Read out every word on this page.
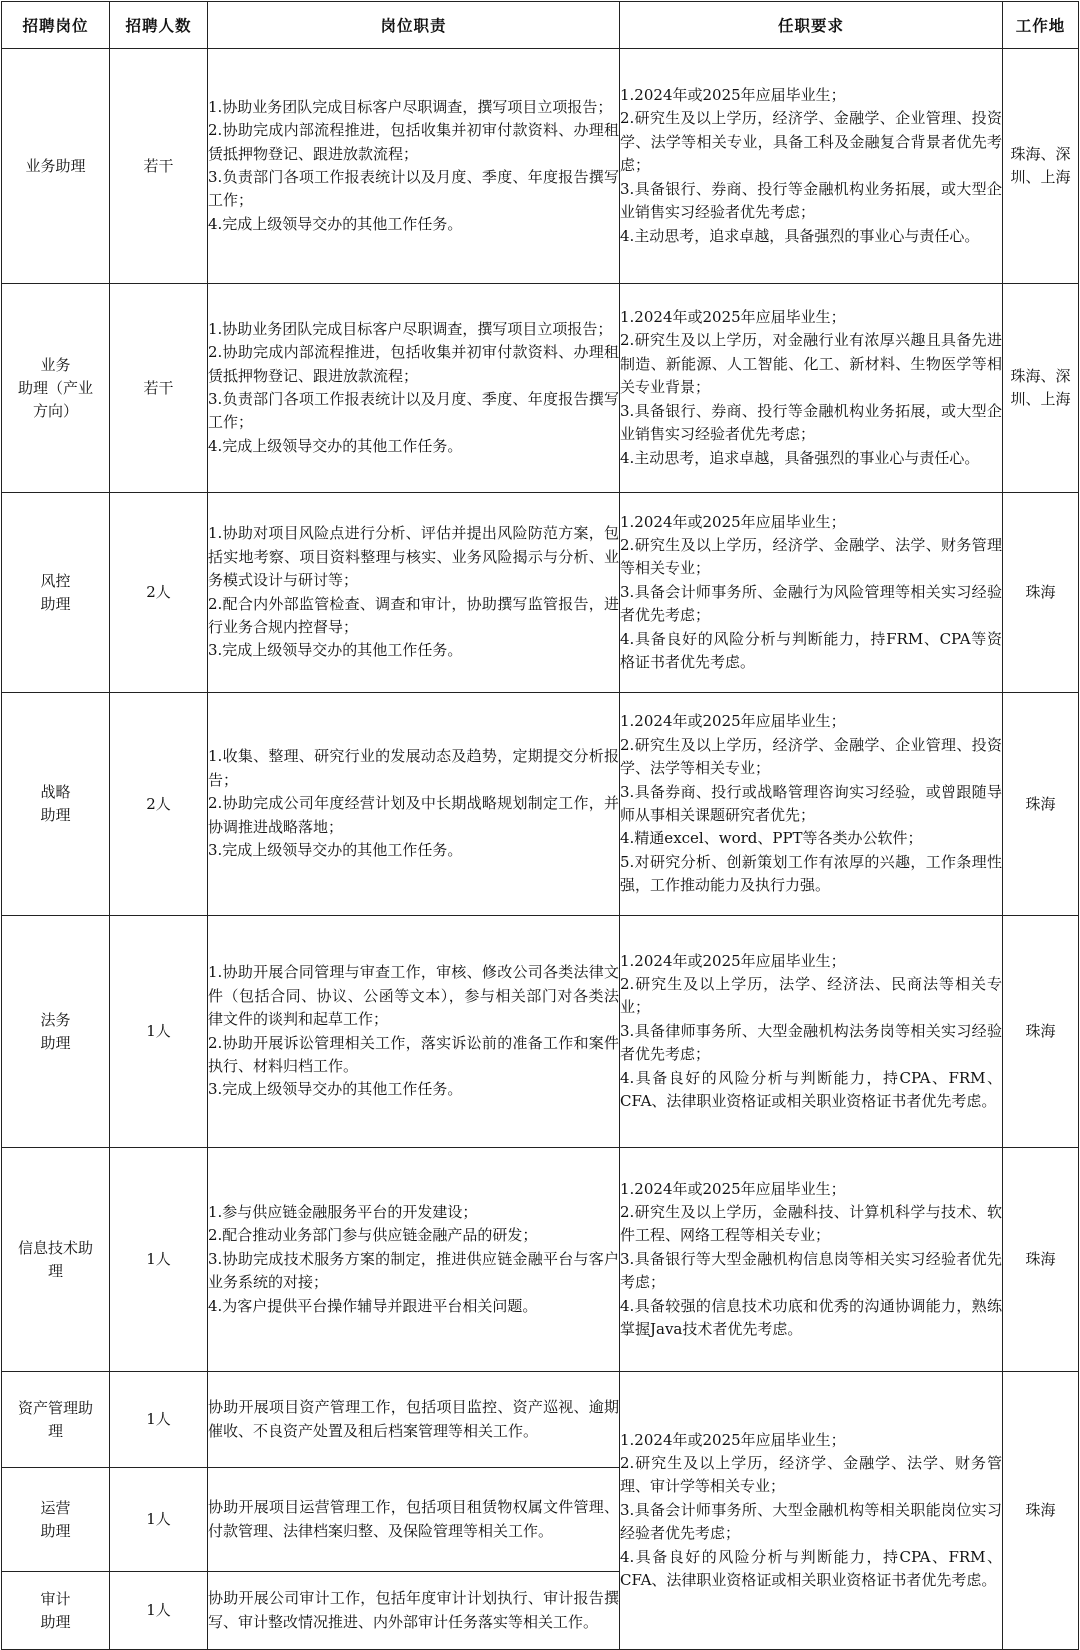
招聘岗位	招聘人数	岗位职责	任职要求	工作地

业务助理	若干	1.协助业务团队完成目标客户尽职调查，撰写项目立项报告；
2.协助完成内部流程推进，包括收集并初审付款资料、办理租赁抵押物登记、跟进放款流程；
3.负责部门各项工作报表统计以及月度、季度、年度报告撰写工作；
4.完成上级领导交办的其他工作任务。	1.2024年或2025年应届毕业生；
2.研究生及以上学历，经济学、金融学、企业管理、投资学、法学等相关专业，具备工科及金融复合背景者优先考虑；
3.具备银行、券商、投行等金融机构业务拓展，或大型企业销售实习经验者优先考虑；
4.主动思考，追求卓越，具备强烈的事业心与责任心。	珠海、深圳、上海

业务
助理（产业
方向）	若干	1.协助业务团队完成目标客户尽职调查，撰写项目立项报告；
2.协助完成内部流程推进，包括收集并初审付款资料、办理租赁抵押物登记、跟进放款流程；
3.负责部门各项工作报表统计以及月度、季度、年度报告撰写工作；
4.完成上级领导交办的其他工作任务。	1.2024年或2025年应届毕业生；
2.研究生及以上学历，对金融行业有浓厚兴趣且具备先进制造、新能源、人工智能、化工、新材料、生物医学等相关专业背景；
3.具备银行、券商、投行等金融机构业务拓展，或大型企业销售实习经验者优先考虑；
4.主动思考，追求卓越，具备强烈的事业心与责任心。	珠海、深圳、上海

风控
助理	2人	1.协助对项目风险点进行分析、评估并提出风险防范方案，包括实地考察、项目资料整理与核实、业务风险揭示与分析、业务模式设计与研讨等；
2.配合内外部监管检查、调查和审计，协助撰写监管报告，进行业务合规内控督导；
3.完成上级领导交办的其他工作任务。	1.2024年或2025年应届毕业生；
2.研究生及以上学历，经济学、金融学、法学、财务管理等相关专业；
3.具备会计师事务所、金融行为风险管理等相关实习经验者优先考虑；
4.具备良好的风险分析与判断能力，持FRM、CPA等资格证书者优先考虑。	珠海

战略
助理	2人	1.收集、整理、研究行业的发展动态及趋势，定期提交分析报告；
2.协助完成公司年度经营计划及中长期战略规划制定工作，并协调推进战略落地；
3.完成上级领导交办的其他工作任务。	1.2024年或2025年应届毕业生；
2.研究生及以上学历，经济学、金融学、企业管理、投资学、法学等相关专业；
3.具备券商、投行或战略管理咨询实习经验，或曾跟随导师从事相关课题研究者优先；
4.精通excel、word、PPT等各类办公软件；
5.对研究分析、创新策划工作有浓厚的兴趣，工作条理性强，工作推动能力及执行力强。	珠海

法务
助理	1人	1.协助开展合同管理与审查工作，审核、修改公司各类法律文件（包括合同、协议、公函等文本），参与相关部门对各类法律文件的谈判和起草工作；
2.协助开展诉讼管理相关工作，落实诉讼前的准备工作和案件执行、材料归档工作。
3.完成上级领导交办的其他工作任务。	1.2024年或2025年应届毕业生；
2.研究生及以上学历，法学、经济法、民商法等相关专业；
3.具备律师事务所、大型金融机构法务岗等相关实习经验者优先考虑；
4.具备良好的风险分析与判断能力，持CPA、FRM、CFA、法律职业资格证或相关职业资格证书者优先考虑。	珠海

信息技术助
理	1人	1.参与供应链金融服务平台的开发建设；
2.配合推动业务部门参与供应链金融产品的研发；
3.协助完成技术服务方案的制定，推进供应链金融平台与客户业务系统的对接；
4.为客户提供平台操作辅导并跟进平台相关问题。	1.2024年或2025年应届毕业生；
2.研究生及以上学历，金融科技、计算机科学与技术、软件工程、网络工程等相关专业；
3.具备银行等大型金融机构信息岗等相关实习经验者优先考虑；
4.具备较强的信息技术功底和优秀的沟通协调能力，熟练掌握Java技术者优先考虑。	珠海

资产管理助
理	1人	协助开展项目资产管理工作，包括项目监控、资产巡视、逾期催收、不良资产处置及租后档案管理等相关工作。	1.2024年或2025年应届毕业生；
2.研究生及以上学历，经济学、金融学、法学、财务管理、审计学等相关专业；
3.具备会计师事务所、大型金融机构等相关职能岗位实习经验者优先考虑；
4.具备良好的风险分析与判断能力，持CPA、FRM、CFA、法律职业资格证或相关职业资格证书者优先考虑。	珠海

运营
助理	1人	协助开展项目运营管理工作，包括项目租赁物权属文件管理、付款管理、法律档案归整、及保险管理等相关工作。		

审计
助理	1人	协助开展公司审计工作，包括年度审计计划执行、审计报告撰写、审计整改情况推进、内外部审计任务落实等相关工作。		
